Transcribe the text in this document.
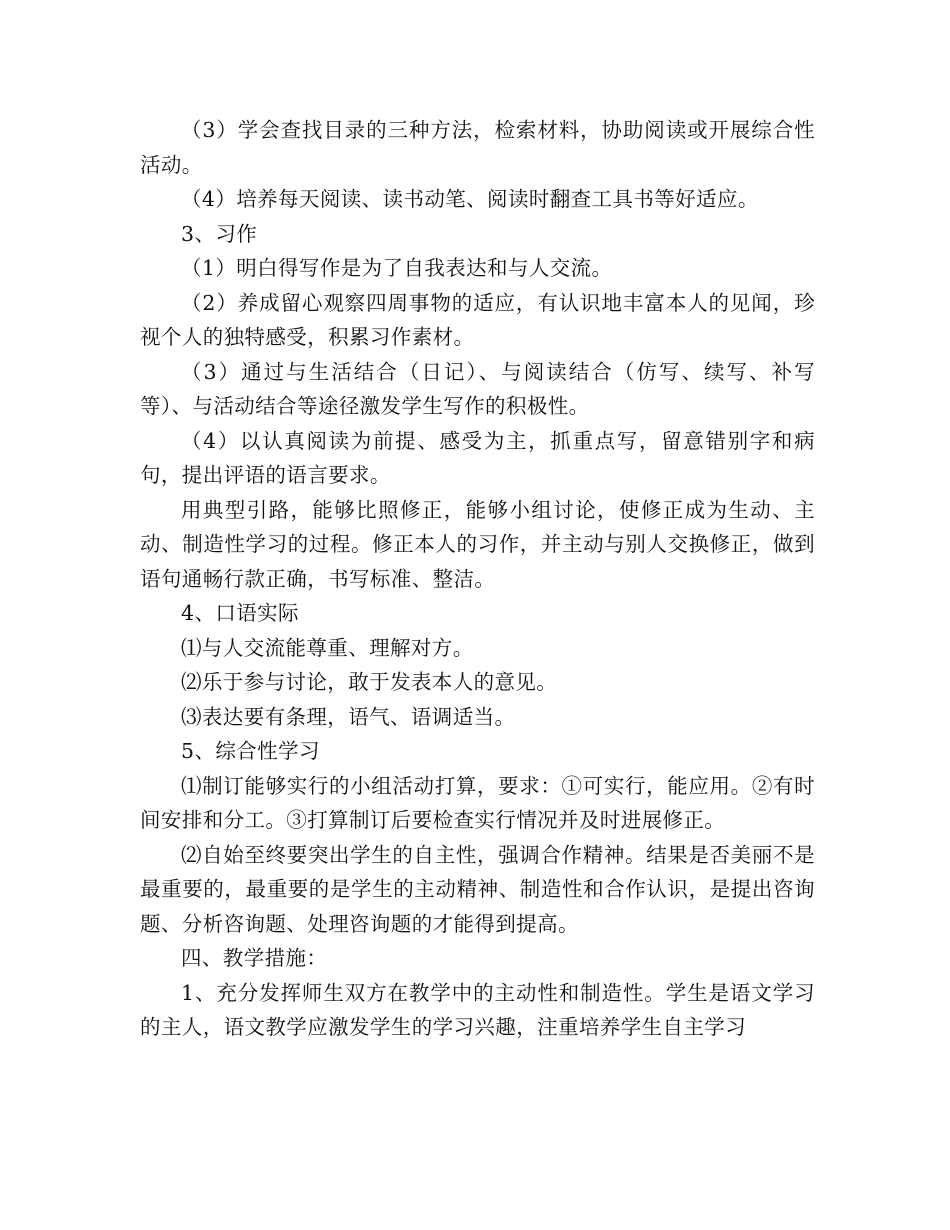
（3）学会查找目录的三种方法，检索材料，协助阅读或开展综合性活动。

（4）培养每天阅读、读书动笔、阅读时翻查工具书等好适应。

3、习作

（1）明白得写作是为了自我表达和与人交流。

（2）养成留心观察四周事物的适应，有认识地丰富本人的见闻，珍视个人的独特感受，积累习作素材。

（3）通过与生活结合（日记）、与阅读结合（仿写、续写、补写等）、与活动结合等途径激发学生写作的积极性。

（4）以认真阅读为前提、感受为主，抓重点写，留意错别字和病句，提出评语的语言要求。

用典型引路，能够比照修正，能够小组讨论，使修正成为生动、主动、制造性学习的过程。修正本人的习作，并主动与别人交换修正，做到语句通畅行款正确，书写标准、整洁。

4、口语实际

⑴与人交流能尊重、理解对方。

⑵乐于参与讨论，敢于发表本人的意见。

⑶表达要有条理，语气、语调适当。

5、综合性学习

⑴制订能够实行的小组活动打算，要求：①可实行，能应用。②有时间安排和分工。③打算制订后要检查实行情况并及时进展修正。

⑵自始至终要突出学生的自主性，强调合作精神。结果是否美丽不是最重要的，最重要的是学生的主动精神、制造性和合作认识，是提出咨询题、分析咨询题、处理咨询题的才能得到提高。

四、教学措施：

1、充分发挥师生双方在教学中的主动性和制造性。学生是语文学习的主人，语文教学应激发学生的学习兴趣，注重培养学生自主学习
